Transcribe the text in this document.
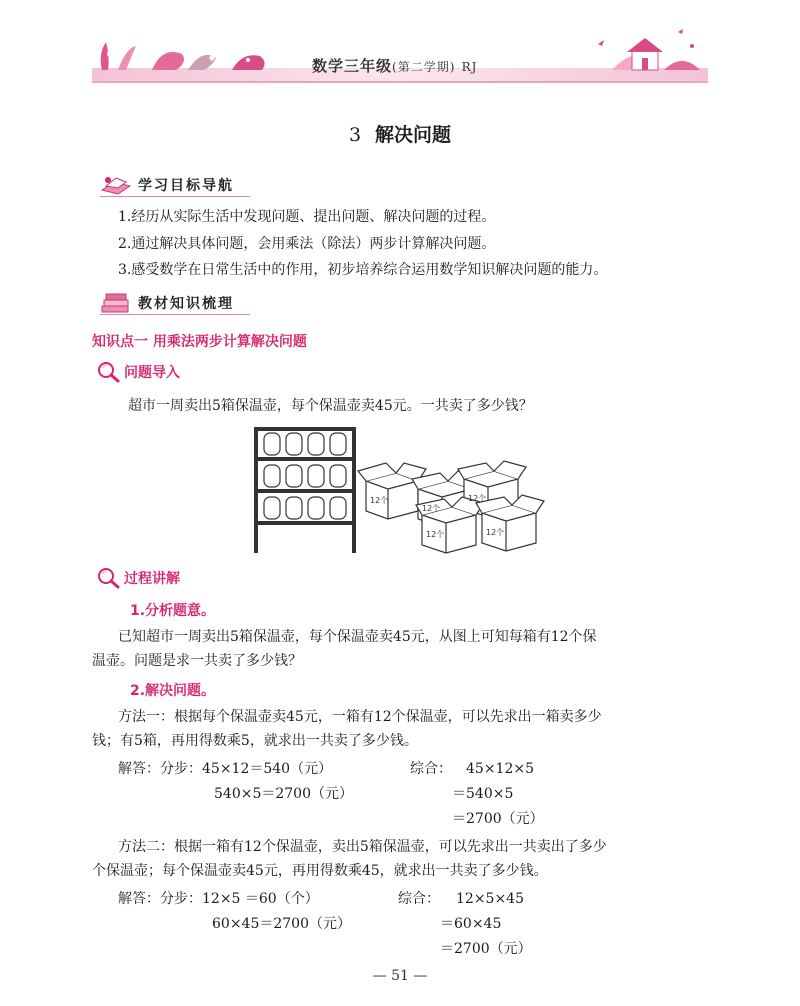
数学三年级(第二学期) RJ
3 解决问题
学习目标导航
1.经历从实际生活中发现问题、提出问题、解决问题的过程。
2.通过解决具体问题，会用乘法（除法）两步计算解决问题。
3.感受数学在日常生活中的作用，初步培养综合运用数学知识解决问题的能力。
教材知识梳理
知识点一 用乘法两步计算解决问题
问题导入
超市一周卖出5箱保温壶，每个保温壶卖45元。一共卖了多少钱？
12个
12个
12个
12个	12个
过程讲解
1.分析题意。
已知超市一周卖出5箱保温壶，每个保温壶卖45元，从图上可知每箱有12个保
温壶。问题是求一共卖了多少钱？
2.解决问题。
方法一：根据每个保温壶卖45元，一箱有12个保温壶，可以先求出一箱卖多少
钱；有5箱，再用得数乘5，就求出一共卖了多少钱。
解答：分步：45×12＝540（元）
540×5＝2700（元）
综合： 45×12×5
＝540×5
＝2700（元）
方法二：根据一箱有12个保温壶，卖出5箱保温壶，可以先求出一共卖出了多少
个保温壶；每个保温壶卖45元，再用得数乘45，就求出一共卖了多少钱。
解答：分步：12×5 ＝60（个）
60×45＝2700（元）
综合： 12×5×45
＝60×45
＝2700（元）
— 51 —
